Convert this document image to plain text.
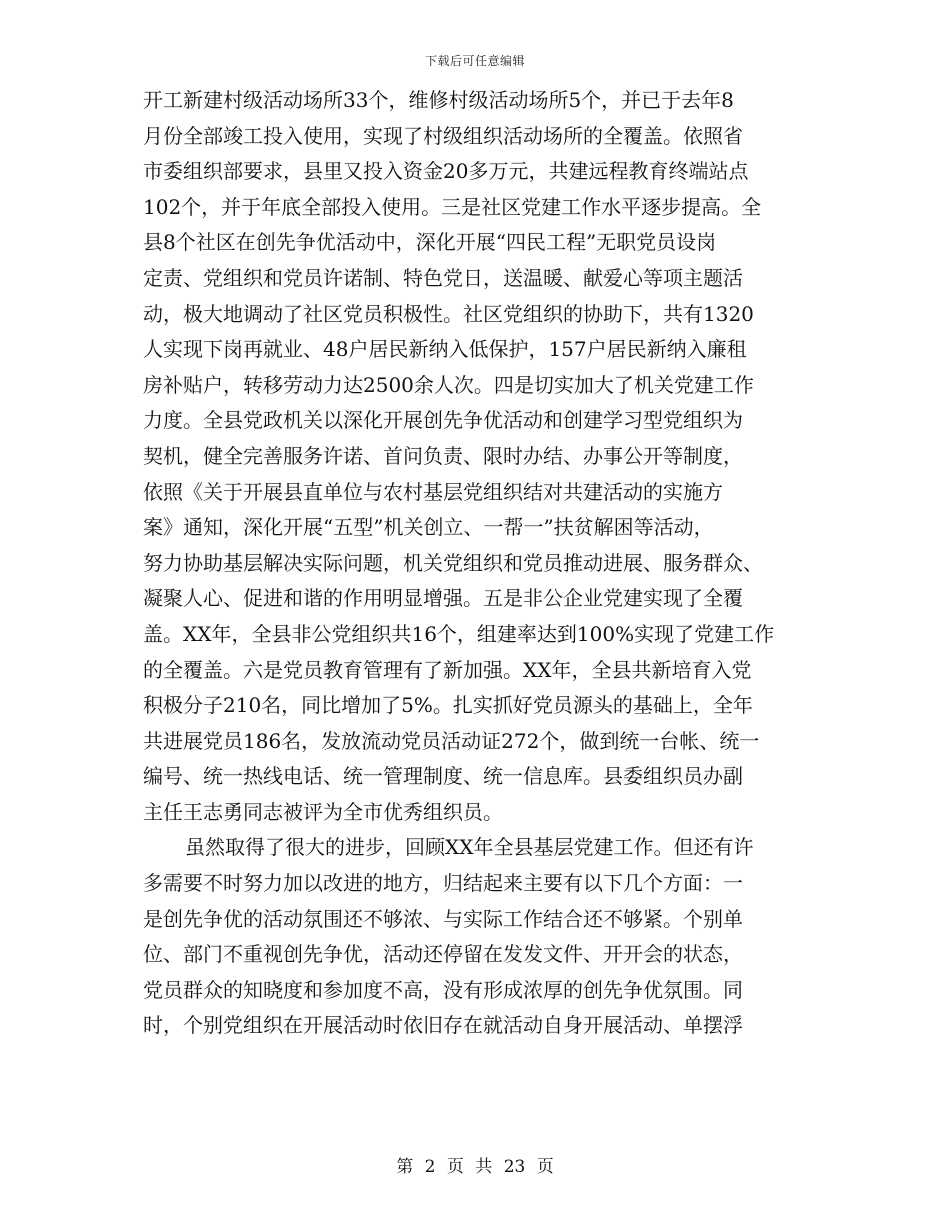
下载后可任意编辑
开工新建村级活动场所33个，维修村级活动场所5个，并已于去年8
月份全部竣工投入使用，实现了村级组织活动场所的全覆盖。依照省
市委组织部要求，县里又投入资金20多万元，共建远程教育终端站点
102个，并于年底全部投入使用。三是社区党建工作水平逐步提高。全
县8个社区在创先争优活动中，深化开展“四民工程”无职党员设岗
定责、党组织和党员许诺制、特色党日，送温暖、献爱心等项主题活
动，极大地调动了社区党员积极性。社区党组织的协助下，共有1320
人实现下岗再就业、48户居民新纳入低保护，157户居民新纳入廉租
房补贴户，转移劳动力达2500余人次。四是切实加大了机关党建工作
力度。全县党政机关以深化开展创先争优活动和创建学习型党组织为
契机，健全完善服务许诺、首问负责、限时办结、办事公开等制度，
依照《关于开展县直单位与农村基层党组织结对共建活动的实施方
案》通知，深化开展“五型”机关创立、一帮一”扶贫解困等活动，
努力协助基层解决实际问题，机关党组织和党员推动进展、服务群众、
凝聚人心、促进和谐的作用明显增强。五是非公企业党建实现了全覆
盖。XX年，全县非公党组织共16个，组建率达到100%实现了党建工作
的全覆盖。六是党员教育管理有了新加强。XX年，全县共新培育入党
积极分子210名，同比增加了5%。扎实抓好党员源头的基础上，全年
共进展党员186名，发放流动党员活动证272个，做到统一台帐、统一
编号、统一热线电话、统一管理制度、统一信息库。县委组织员办副
主任王志勇同志被评为全市优秀组织员。
虽然取得了很大的进步，回顾XX年全县基层党建工作。但还有许
多需要不时努力加以改进的地方，归结起来主要有以下几个方面：一
是创先争优的活动氛围还不够浓、与实际工作结合还不够紧。个别单
位、部门不重视创先争优，活动还停留在发发文件、开开会的状态，
党员群众的知晓度和参加度不高，没有形成浓厚的创先争优氛围。同
时，个别党组织在开展活动时依旧存在就活动自身开展活动、单摆浮
第 2 页 共 23 页
